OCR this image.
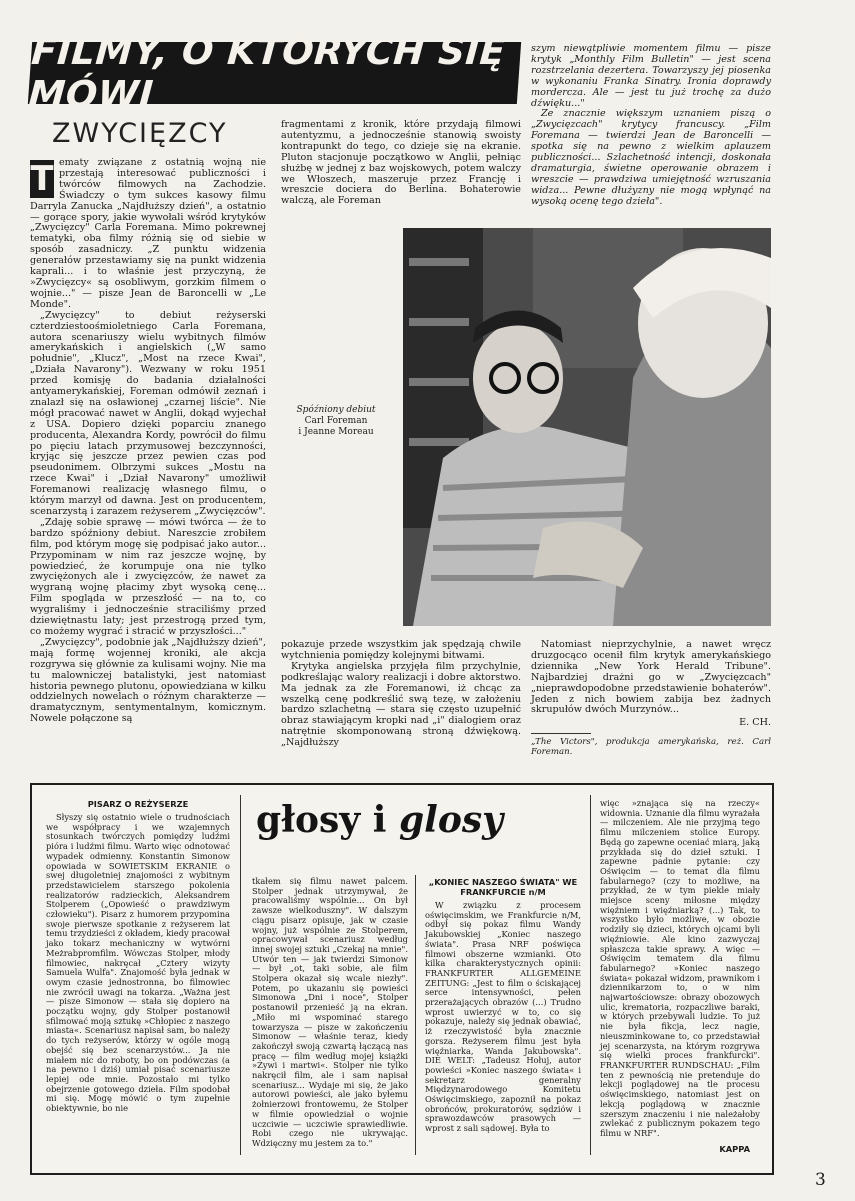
FILMY, O KTÓRYCH SIĘ MÓWI
ZWYCIĘZCY

T ematy związane z ostatnią wojną nie przestają interesować publiczności i twórców filmowych na Zachodzie. Świadczy o tym sukces kasowy filmu Darryla Zanucka „Najdłuższy dzień", a ostatnio — gorące spory, jakie wywołali wśród krytyków „Zwycięzcy" Carla Foremana. Mimo pokrewnej tematyki, oba filmy różnią się od siebie w sposób zasadniczy. „Z punktu widzenia generałów przestawiamy się na punkt widzenia kaprali... i to właśnie jest przyczyną, że »Zwycięzcy« są osobliwym, gorzkim filmem o wojnie..." — pisze Jean de Baroncelli w „Le Monde".

„Zwycięzcy" to debiut reżyserski czterdziestoośmioletniego Carla Foremana, autora scenariuszy wielu wybitnych filmów amerykańskich i angielskich („W samo południe", „Klucz", „Most na rzece Kwai", „Działa Navarony"). Wezwany w roku 1951 przed komisję do badania działalności antyamerykańskiej, Foreman odmówił zeznań i znalazł się na osławionej „czarnej liście". Nie mógł pracować nawet w Anglii, dokąd wyjechał z USA. Dopiero dzięki poparciu znanego producenta, Alexandra Kordy, powrócił do filmu po pięciu latach przymusowej bezczynności, kryjąc się jeszcze przez pewien czas pod pseudonimem. Olbrzymi sukces „Mostu na rzece Kwai" i „Dział Navarony" umożliwił Foremanowi realizację własnego filmu, o którym marzył od dawna. Jest on producentem, scenarzystą i zarazem reżyserem „Zwycięzców".

„Zdaję sobie sprawę — mówi twórca — że to bardzo spóźniony debiut. Nareszcie zrobiłem film, pod którym mogę się podpisać jako autor... Przypominam w nim raz jeszcze wojnę, by powiedzieć, że korumpuje ona nie tylko zwyciężonych ale i zwycięzców, że nawet za wygraną wojnę płacimy zbyt wysoką cenę... Film spogląda w przeszłość — na to, co wygraliśmy i jednocześnie straciliśmy przed dziewiętnastu laty; jest przestrogą przed tym, co możemy wygrać i stracić w przyszłości..."

„Zwycięzcy", podobnie jak „Najdłuższy dzień", mają formę wojennej kroniki, ale akcja rozgrywa się głównie za kulisami wojny. Nie ma tu malowniczej batalistyki, jest natomiast historia pewnego plutonu, opowiedziana w kilku oddzielnych nowelach o różnym charakterze — dramatycznym, sentymentalnym, komicznym. Nowele połączone są

fragmentami z kronik, które przydają filmowi autentyzmu, a jednocześnie stanowią swoisty kontrapunkt do tego, co dzieje się na ekranie. Pluton stacjonuje początkowo w Anglii, pełniąc służbę w jednej z baz wojskowych, potem walczy we Włoszech, maszeruje przez Francję i wreszcie dociera do Berlina. Bohaterowie walczą, ale Foreman

szym niewątpliwie momentem filmu — pisze krytyk „Monthly Film Bulletin" — jest scena rozstrzelania dezertera. Towarzyszy jej piosenka w wykonaniu Franka Sinatry. Ironia doprawdy mordercza. Ale — jest tu już trochę za dużo dźwięku..."

Ze znacznie większym uznaniem piszą o „Zwycięzcach" krytycy francuscy. „Film Foremana — twierdzi Jean de Baroncelli — spotka się na pewno z wielkim aplauzem publiczności... Szlachetność intencji, doskonała dramaturgia, świetne operowanie obrazem i wreszcie — prawdziwa umiejętność wzruszania widza... Pewne dłużyzny nie mogą wpłynąć na wysoką ocenę tego dzieła".

Spóźniony debiut
Carl Foreman
i Jeanne Moreau

pokazuje przede wszystkim jak spędzają chwile wytchnienia pomiędzy kolejnymi bitwami.

Krytyka angielska przyjęła film przychylnie, podkreślając walory realizacji i dobre aktorstwo. Ma jednak za złe Foremanowi, iż chcąc za wszelką cenę podkreślić swą tezę, w założeniu bardzo szlachetną — stara się często uzupełnić obraz stawiającym kropki nad „i" dialogiem oraz natrętnie skomponowaną stroną dźwiękową. „Najdłuższy

Natomiast nieprzychylnie, a nawet wręcz druzgocąco ocenił film krytyk amerykańskiego dziennika „New York Herald Tribune". Najbardziej drażni go w „Zwycięzcach" „nieprawdopodobne przedstawienie bohaterów". Jeden z nich bowiem zabija bez żadnych skrupułów dwóch Murzynów...

E. CH.
„The Victors", produkcja amerykańska, reż. Carl Foreman.
głosy i glosy
PISARZ O REŻYSERZE

Słyszy się ostatnio wiele o trudnościach we współpracy i we wzajemnych stosunkach twórczych pomiędzy ludźmi pióra i ludźmi filmu. Warto więc odnotować wypadek odmienny. Konstantin Simonow opowiada w SOWIETSKIM EKRANIE o swej długoletniej znajomości z wybitnym przedstawicielem starszego pokolenia realizatorów radzieckich, Aleksandrem Stolperem („Opowieść o prawdziwym człowieku"). Pisarz z humorem przypomina swoje pierwsze spotkanie z reżyserem lat temu trzydzieści z okładem, kiedy pracował jako tokarz mechaniczny w wytwórni Meżrabpromfilm. Wówczas Stolper, młody filmowiec, nakręcał „Cztery wizyty Samuela Wulfa". Znajomość była jednak w owym czasie jednostronna, bo filmowiec nie zwrócił uwagi na tokarza. „Ważna jest — pisze Simonow — stała się dopiero na początku wojny, gdy Stolper postanowił sfilmować moją sztukę »Chłopiec z naszego miasta«. Scenariusz napisał sam, bo należy do tych reżyserów, którzy w ogóle mogą obejść się bez scenarzystów... Ja nie miałem nic do roboty, bo on podówczas (a na pewno i dziś) umiał pisać scenariusze lepiej ode mnie. Pozostało mi tylko obejrzenie gotowego dzieła. Film spodobał mi się. Mogę mówić o tym zupełnie obiektywnie, bo nie

tkałem się filmu nawet palcem. Stolper jednak utrzymywał, że pracowaliśmy wspólnie... On był zawsze wielkoduszny". W dalszym ciągu pisarz opisuje, jak w czasie wojny, już wspólnie ze Stolperem, opracowywał scenariusz według innej swojej sztuki „Czekaj na mnie". Utwór ten — jak twierdzi Simonow — był „ot, taki sobie, ale film Stolpera okazał się wcale niezły". Potem, po ukazaniu się powieści Simonowa „Dni i noce", Stolper postanowił przenieść ją na ekran. „Miło mi wspominać starego towarzysza — pisze w zakończeniu Simonow — właśnie teraz, kiedy zakończył swoją czwartą łączącą nas pracę — film według mojej książki »Żywi i martwi«. Stolper nie tylko nakręcił film, ale i sam napisał scenariusz... Wydaje mi się, że jako autorowi powieści, ale jako byłemu żołnierzowi frontowemu, że Stolper w filmie opowiedział o wojnie uczciwie — uczciwie sprawiedliwie. Robi czego nie ukrywając. Wdzięczny mu jestem za to."

„KONIEC NASZEGO ŚWIATA" WE FRANKFURCIE n/M

W związku z procesem oświęcimskim, we Frankfurcie n/M, odbył się pokaz filmu Wandy Jakubowskiej „Koniec naszego świata". Prasa NRF poświęca filmowi obszerne wzmianki. Oto kilka charakterystycznych opinii: FRANKFURTER ALLGEMEINE ZEITUNG: „Jest to film o ściskającej serce intensywności, pełen przerażających obrazów (...) Trudno wprost uwierzyć w to, co się pokazuje, należy się jednak obawiać, iż rzeczywistość była znacznie gorsza. Reżyserem filmu jest była więźniarka, Wanda Jakubowska". DIE WELT: „Tadeusz Hołuj, autor powieści »Koniec naszego świata« i sekretarz generalny Międzynarodowego Komitetu Oświęcimskiego, zapoznił na pokaz obrońców, prokuratorów, sędziów i sprawozdawców prasowych — wprost z sali sądowej. Była to

więc »znająca się na rzeczy« widownia. Uznanie dla filmu wyrażała — milczeniem. Ale nie przyjmą tego filmu milczeniem stolice Europy. Będą go zapewne oceniać miarą, jaką przykłada się do dzieł sztuki. I zapewne padnie pytanie: czy Oświęcim — to temat dla filmu fabularnego? (czy to możliwe, na przykład, że w tym piekle miały miejsce sceny miłosne między więźniem i więźniarką? (...) Tak, to wszystko było możliwe, w obozie rodziły się dzieci, których ojcami byli więźniowie. Ale kino zazwyczaj spłaszcza takie sprawy. A więc — Oświęcim tematem dla filmu fabularnego? »Koniec naszego świata« pokazał widzom, prawnikom i dziennikarzom to, o w nim najwartościowsze: obrazy obozowych ulic, krematoria, rozpaczliwe baraki, w których przebywali ludzie. To już nie była fikcja, lecz nagie, nieuszminkowane to, co przedstawiał jej scenarzysta, na którym rozgrywa się wielki proces frankfurcki". FRANKFURTER RUNDSCHAU: „Film ten z pewnością nie pretenduje do lekcji poglądowej na tle procesu oświęcimskiego, natomiast jest on lekcją poglądową w znacznie szerszym znaczeniu i nie należałoby zwlekać z publicznym pokazem tego filmu w NRF".

KAPPA
3
